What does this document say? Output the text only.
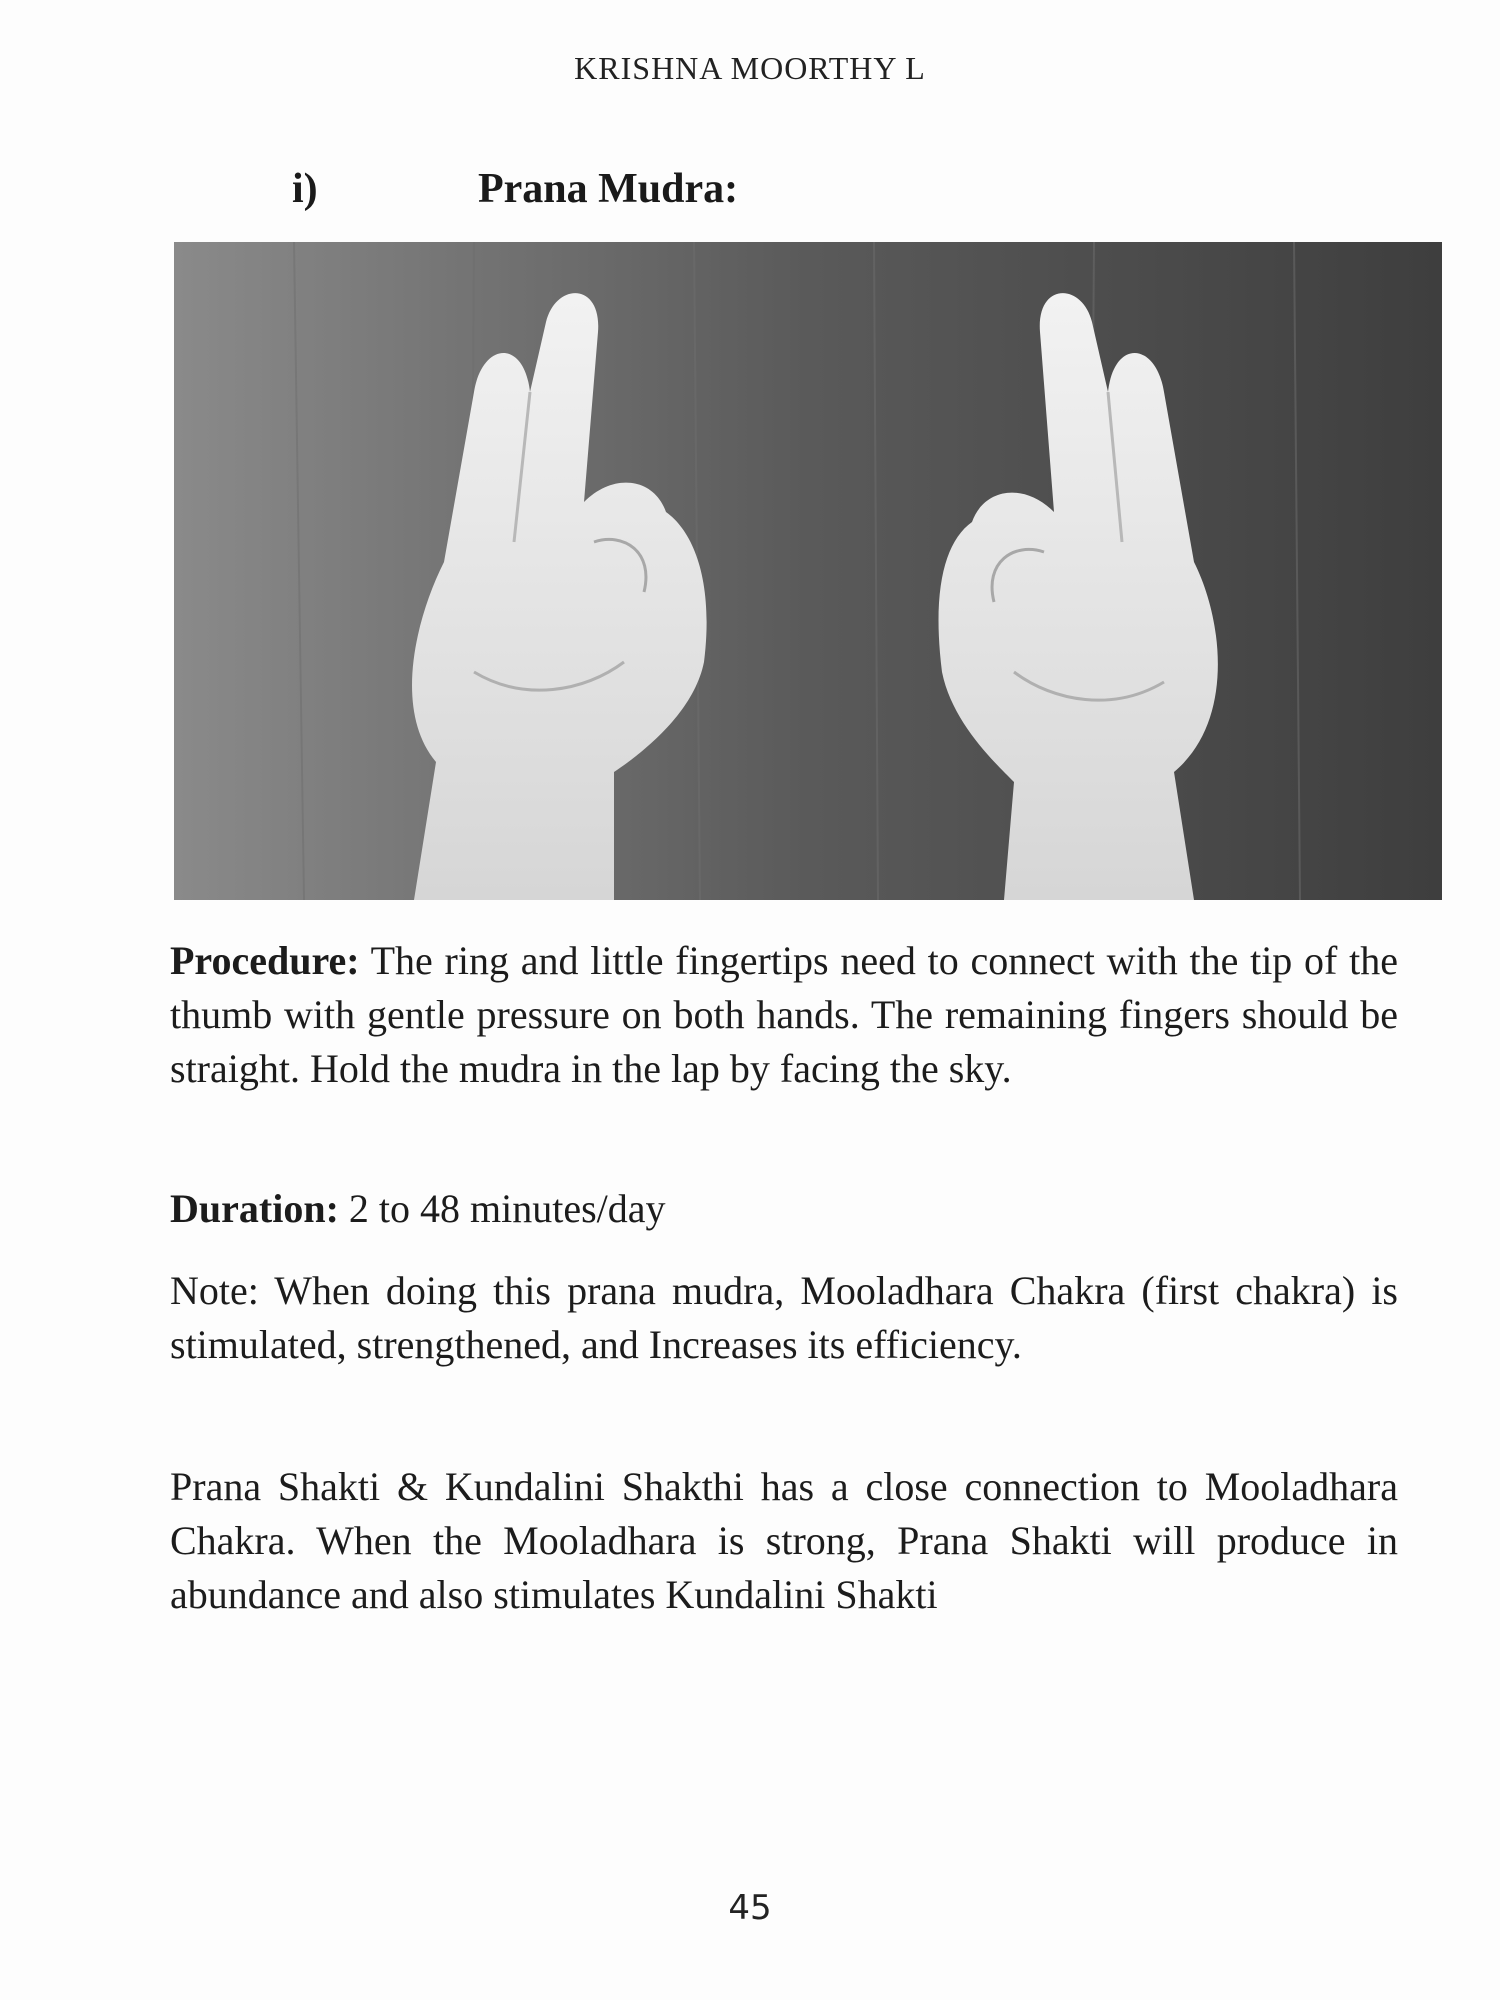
KRISHNA MOORTHY L
i)	Prana Mudra:

Procedure: The ring and little fingertips need to connect with the tip of the thumb with gentle pressure on both hands. The remaining fingers should be straight. Hold the mudra in the lap by facing the sky.

Duration: 2 to 48 minutes/day

Note: When doing this prana mudra, Mooladhara Chakra (first chakra) is stimulated, strengthened, and Increases its efficiency.

Prana Shakti & Kundalini Shakthi has a close connection to Mooladhara Chakra. When the Mooladhara is strong, Prana Shakti will produce in abundance and also stimulates Kundalini Shakti

45
